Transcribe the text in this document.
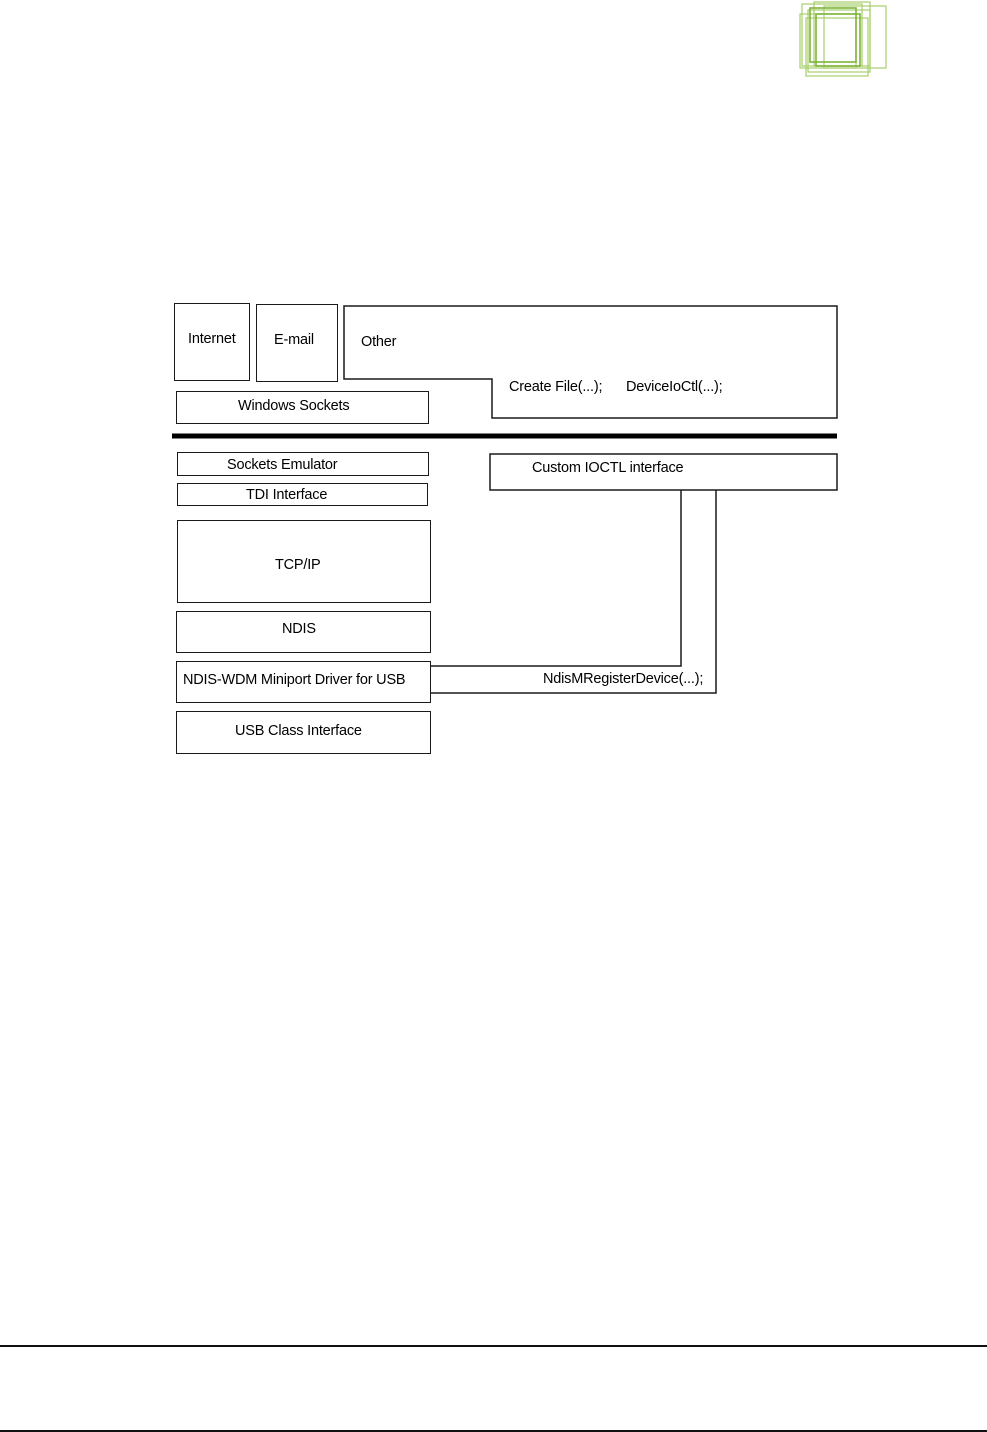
Internet	E-mail	Other
Create File(...); DeviceIoCtl(...);
Windows Sockets
Sockets Emulator
TDI Interface
Custom IOCTL interface
TCP/IP
NDIS
NDIS-WDM Miniport Driver for USB	NdisMRegisterDevice(...);
USB Class Interface
